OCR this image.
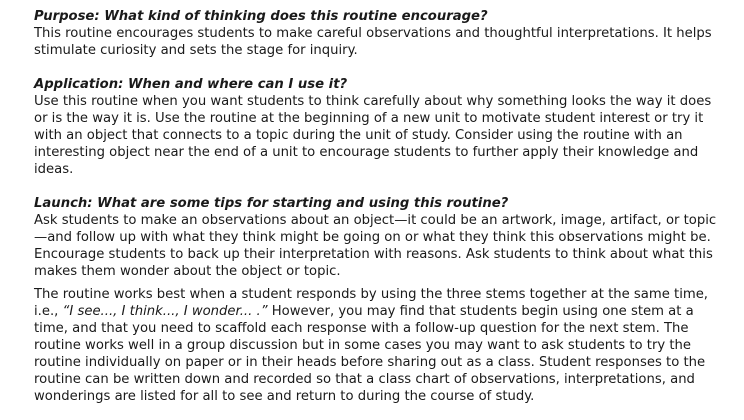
Purpose: What kind of thinking does this routine encourage?

This routine encourages students to make careful observations and thoughtful interpretations. It helps stimulate curiosity and sets the stage for inquiry.

Application: When and where can I use it?

Use this routine when you want students to think carefully about why something looks the way it does or is the way it is. Use the routine at the beginning of a new unit to motivate student interest or try it with an object that connects to a topic during the unit of study. Consider using the routine with an interesting object near the end of a unit to encourage students to further apply their knowledge and ideas.

Launch: What are some tips for starting and using this routine?

Ask students to make an observations about an object—it could be an artwork, image, artifact, or topic—and follow up with what they think might be going on or what they think this observations might be. Encourage students to back up their interpretation with reasons. Ask students to think about what this makes them wonder about the object or topic.

The routine works best when a student responds by using the three stems together at the same time, i.e., “I see..., I think..., I wonder... .” However, you may find that students begin using one stem at a time, and that you need to scaffold each response with a follow-up question for the next stem. The routine works well in a group discussion but in some cases you may want to ask students to try the routine individually on paper or in their heads before sharing out as a class. Student responses to the routine can be written down and recorded so that a class chart of observations, interpretations, and wonderings are listed for all to see and return to during the course of study.
